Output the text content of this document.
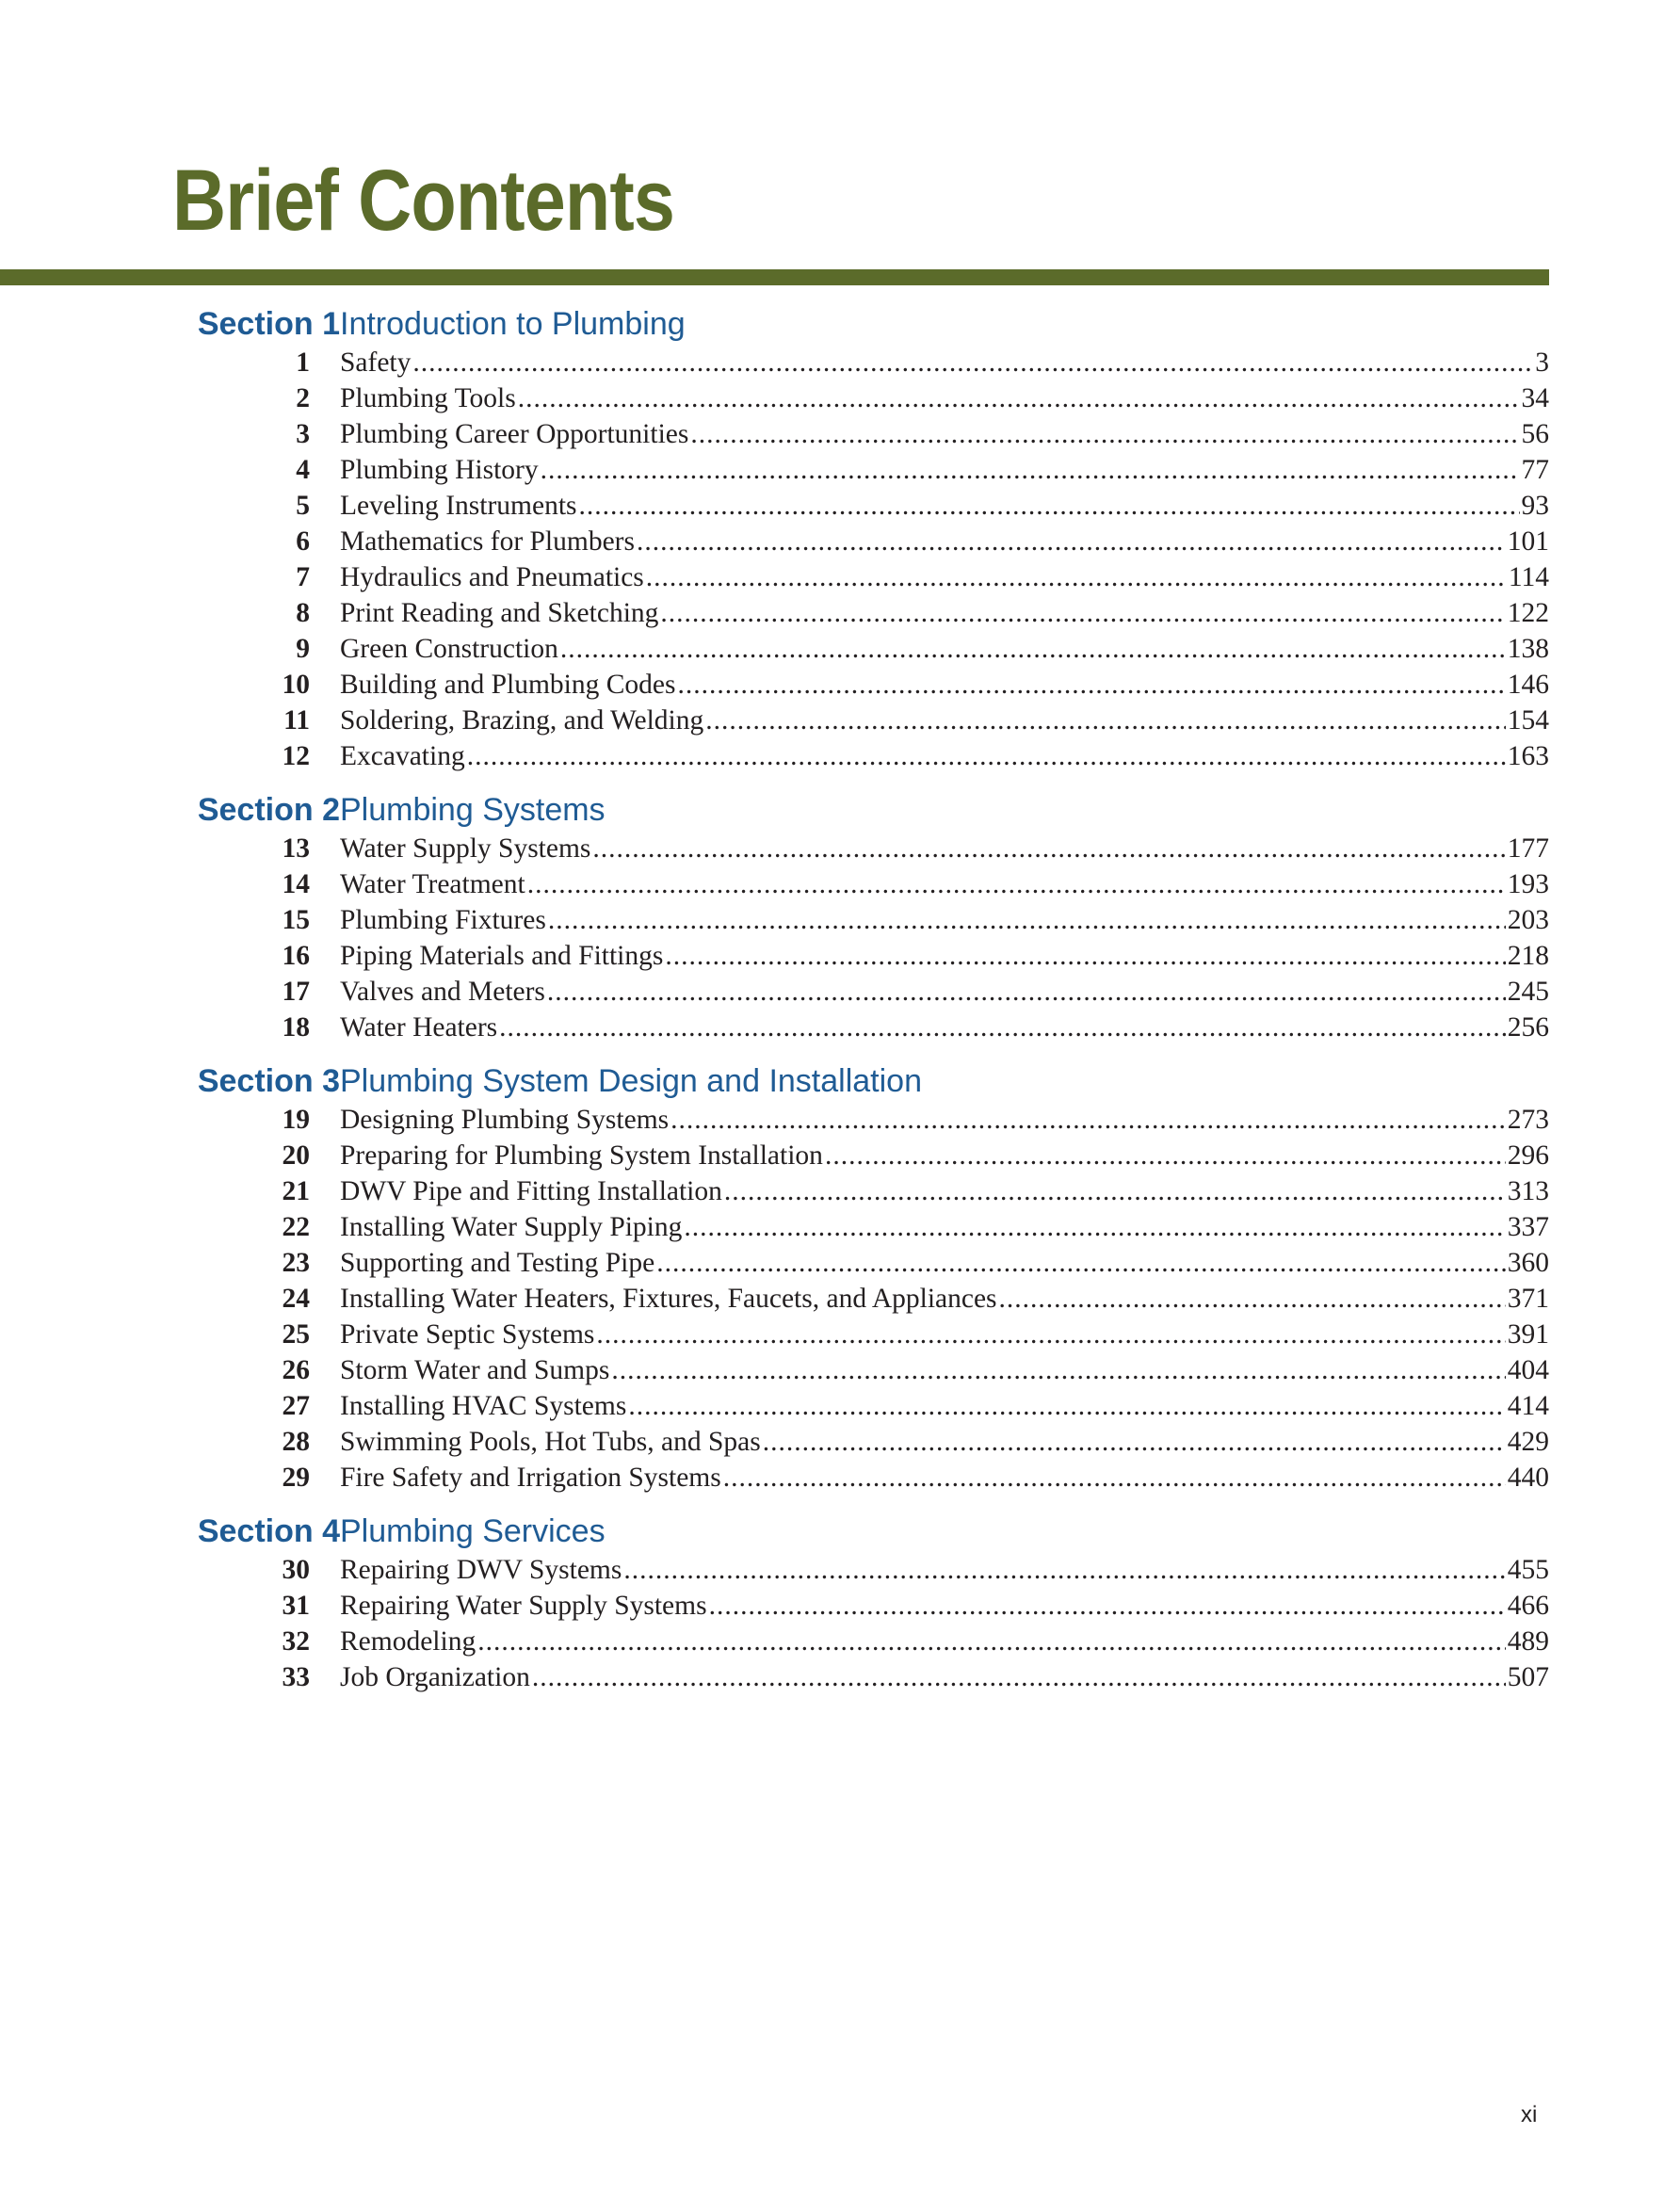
Brief Contents
Section 1 Introduction to Plumbing
1 Safety .....	3
2 Plumbing Tools .....	34
3 Plumbing Career Opportunities .....	56
4 Plumbing History .....	77
5 Leveling Instruments .....	93
6 Mathematics for Plumbers .....	101
7 Hydraulics and Pneumatics .....	114
8 Print Reading and Sketching .....	122
9 Green Construction .....	138
10 Building and Plumbing Codes .....	146
11 Soldering, Brazing, and Welding .....	154
12 Excavating .....	163
Section 2 Plumbing Systems
13 Water Supply Systems .....	177
14 Water Treatment .....	193
15 Plumbing Fixtures .....	203
16 Piping Materials and Fittings .....	218
17 Valves and Meters .....	245
18 Water Heaters .....	256
Section 3 Plumbing System Design and Installation
19 Designing Plumbing Systems .....	273
20 Preparing for Plumbing System Installation .....	296
21 DWV Pipe and Fitting Installation .....	313
22 Installing Water Supply Piping .....	337
23 Supporting and Testing Pipe .....	360
24 Installing Water Heaters, Fixtures, Faucets, and Appliances .....	371
25 Private Septic Systems .....	391
26 Storm Water and Sumps .....	404
27 Installing HVAC Systems .....	414
28 Swimming Pools, Hot Tubs, and Spas .....	429
29 Fire Safety and Irrigation Systems .....	440
Section 4 Plumbing Services
30 Repairing DWV Systems .....	455
31 Repairing Water Supply Systems .....	466
32 Remodeling .....	489
33 Job Organization .....	507
xi
